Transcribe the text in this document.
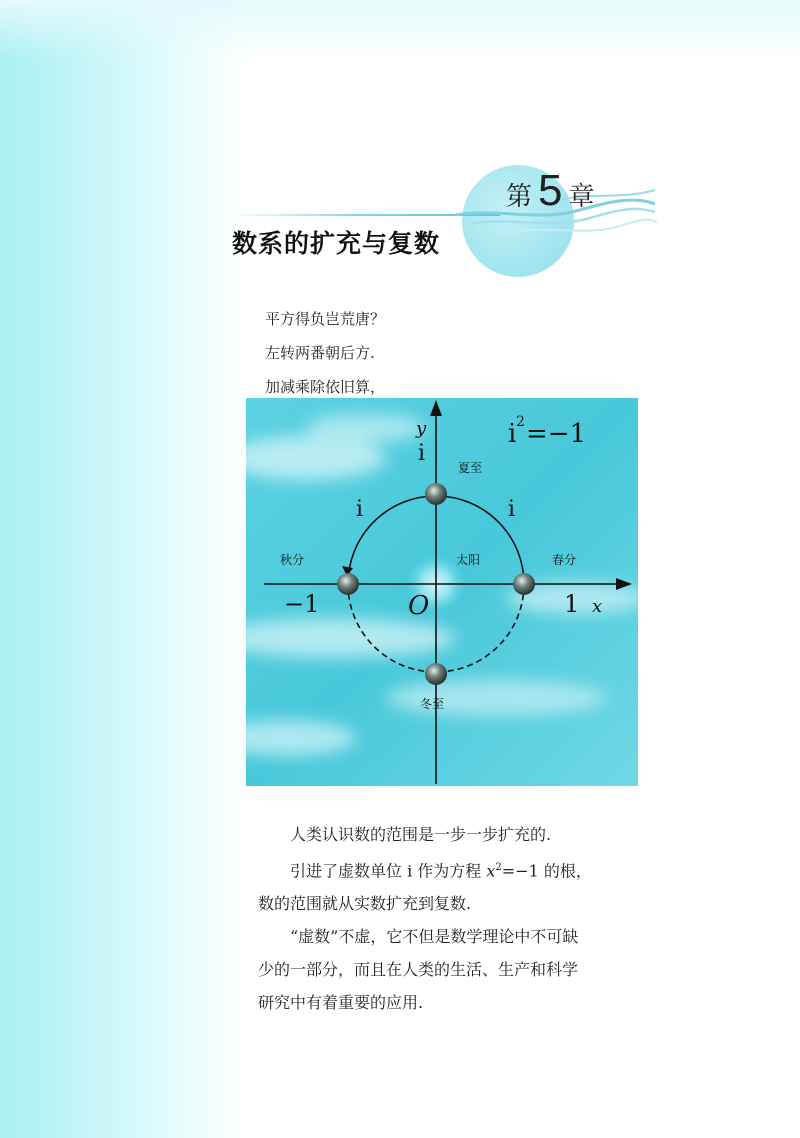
第 5 章
数系的扩充与复数
平方得负岂荒唐？
左转两番朝后方.
加减乘除依旧算，
i 2 =−1
y
i
i	i
夏至
秋分	太阳	春分
冬至
−1	O	1 x

人类认识数的范围是一步一步扩充的.

引进了虚数单位 i 作为方程 $x^2=-1$ 的根，

数的范围就从实数扩充到复数.

“虚数”不虚，它不但是数学理论中不可缺

少的一部分，而且在人类的生活、生产和科学

研究中有着重要的应用.
